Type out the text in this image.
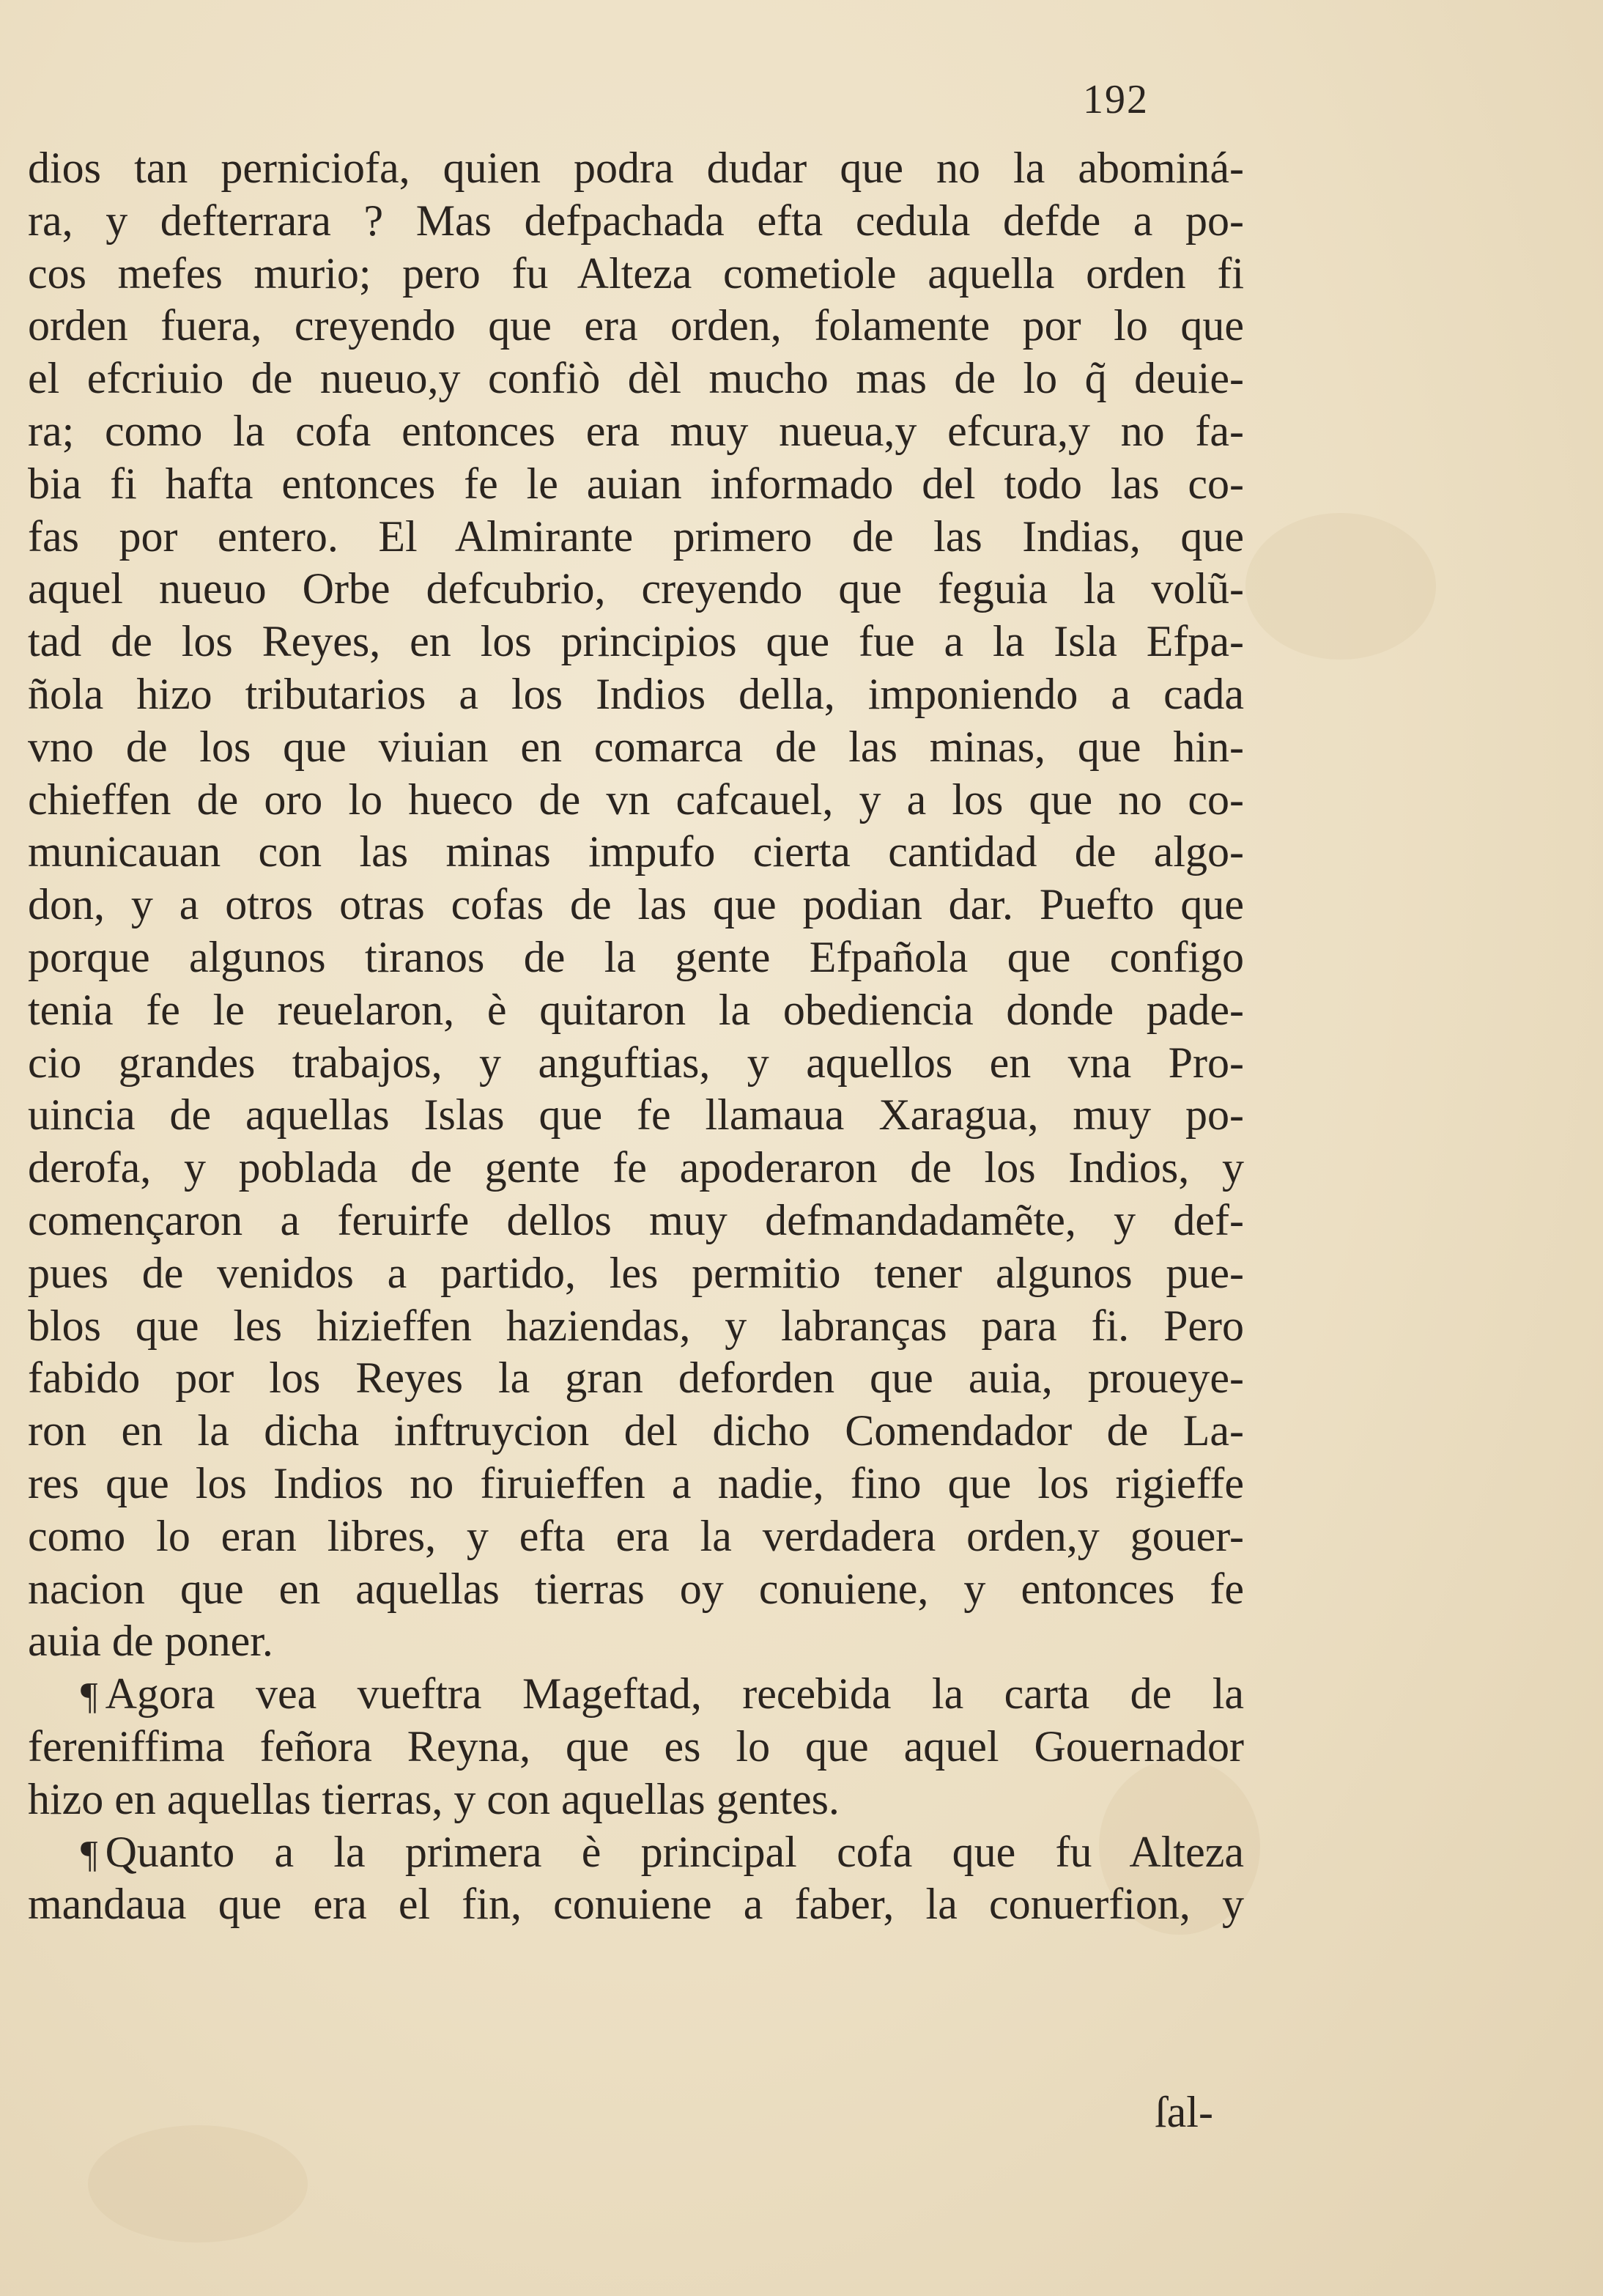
192
dios tan perniciofa, quien podra dudar que no la abominá-
ra, y defterrara ? Mas defpachada efta cedula defde a po-
cos mefes murio; pero fu Alteza cometiole aquella orden fi
orden fuera, creyendo que era orden, folamente por lo que
el efcriuio de nueuo,y confiò dèl mucho mas de lo q̃ deuie-
ra; como la cofa entonces era muy nueua,y efcura,y no fa-
bia fi hafta entonces fe le auian informado del todo las co-
fas por entero. El Almirante primero de las Indias, que
aquel nueuo Orbe defcubrio, creyendo que feguia la volũ-
tad de los Reyes, en los principios que fue a la Isla Efpa-
ñola hizo tributarios a los Indios della, imponiendo a cada
vno de los que viuian en comarca de las minas, que hin-
chieffen de oro lo hueco de vn cafcauel, y a los que no co-
municauan con las minas impufo cierta cantidad de algo-
don, y a otros otras cofas de las que podian dar. Puefto que
porque algunos tiranos de la gente Efpañola que configo
tenia fe le reuelaron, è quitaron la obediencia donde pade-
cio grandes trabajos, y anguftias, y aquellos en vna Pro-
uincia de aquellas Islas que fe llamaua Xaragua, muy po-
derofa, y poblada de gente fe apoderaron de los Indios, y
començaron a feruirfe dellos muy defmandadamẽte, y def-
pues de venidos a partido, les permitio tener algunos pue-
blos que les hizieffen haziendas, y labranças para fi. Pero
fabido por los Reyes la gran deforden que auia, proueye-
ron en la dicha inftruycion del dicho Comendador de La-
res que los Indios no firuieffen a nadie, fino que los rigieffe
como lo eran libres, y efta era la verdadera orden,y gouer-
nacion que en aquellas tierras oy conuiene, y entonces fe
auia de poner.
¶ Agora vea vueftra Mageftad, recebida la carta de la
fereniffima feñora Reyna, que es lo que aquel Gouernador
hizo en aquellas tierras, y con aquellas gentes.
¶ Quanto a la primera è principal cofa que fu Alteza
mandaua que era el fin, conuiene a faber, la conuerfion, y
ſal-
